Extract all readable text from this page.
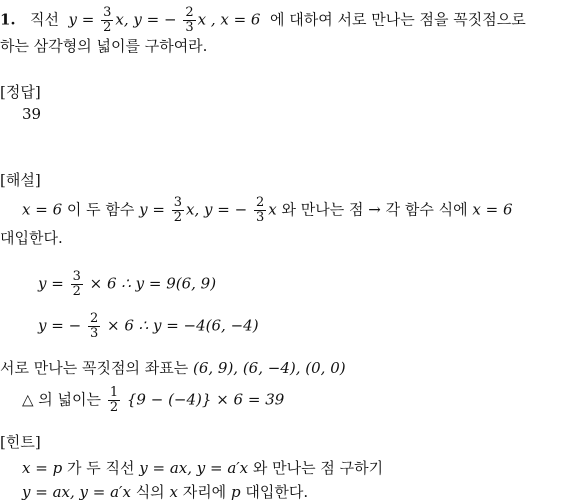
1. 직선 $y = \frac{3}{2} x$, y = − $\frac{2}{3}$ x , x = 6 에 대하여 서로 만나는 점을 꼭짓점으로
하는 삼각형의 넓이를 구하여라.
[정답]
39
[해설]
x = 6 이 두 함수 $y = \frac{3}{2} x$, y = − $\frac{2}{3}$ x 와 만나는 점 → 각 함수 식에 x = 6
대입한다.
$y = \frac{3}{2} \times 6$ ∴ y = 9(6, 9)
y = − $\frac{2}{3} \times 6$ ∴ y = −4(6, −4)
서로 만나는 꼭짓점의 좌표는 (6, 9), (6, −4), (0, 0)
△ 의 넓이는 $\frac{1}{2} \{9 - (-4)\} \times 6 = 39$
[힌트]
x = p 가 두 직선 y = ax, y = a′x 와 만나는 점 구하기
y = ax, y = a′x 식의 x 자리에 p 대입한다.
